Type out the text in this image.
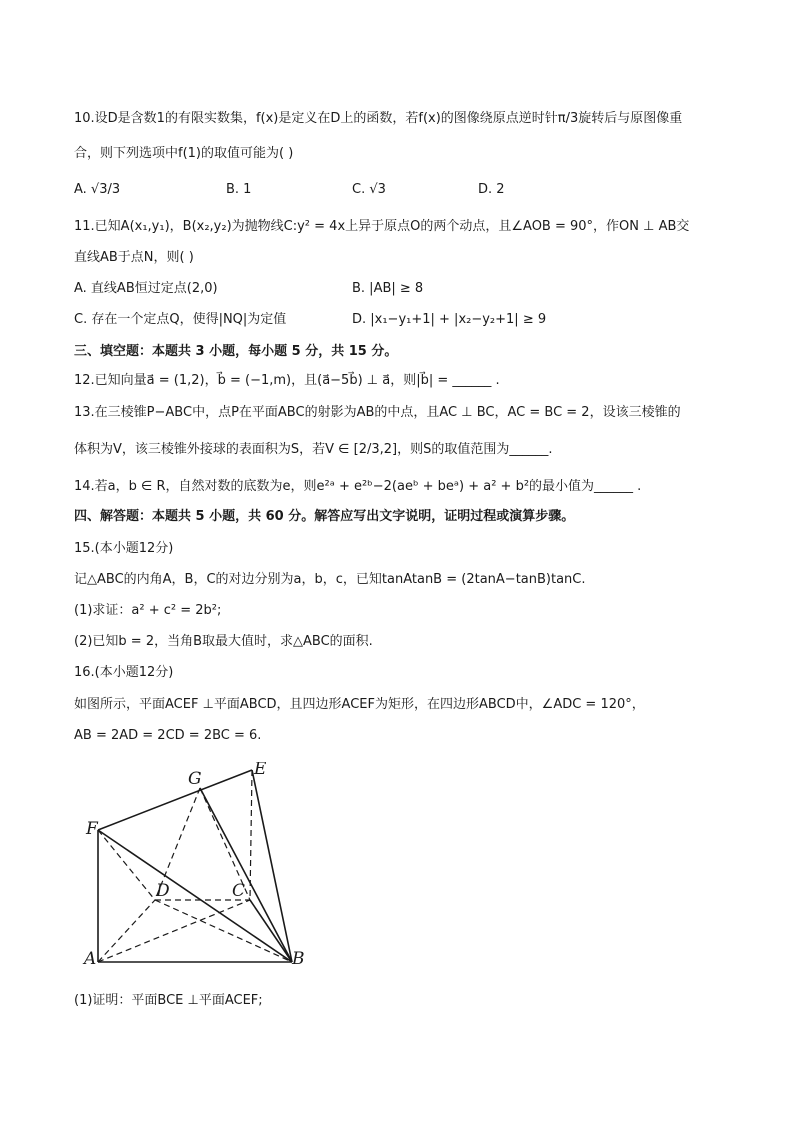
10.设D是含数1的有限实数集，f(x)是定义在D上的函数，若f(x)的图像绕原点逆时针π/3旋转后与原图像重
合，则下列选项中f(1)的取值可能为( )
A. √3/3	B. 1	C. √3	D. 2
11.已知A(x₁,y₁)，B(x₂,y₂)为抛物线C:y² = 4x上异于原点O的两个动点，且∠AOB = 90°，作ON ⊥ AB交
直线AB于点N，则( )
A. 直线AB恒过定点(2,0)	B. |AB| ≥ 8
C. 存在一个定点Q，使得|NQ|为定值	D. |x₁−y₁+1| + |x₂−y₂+1| ≥ 9
三、填空题：本题共 3 小题，每小题 5 分，共 15 分。
12.已知向量a⃗ = (1,2)，b⃗ = (−1,m)，且(a⃗−5b⃗) ⊥ a⃗，则|b⃗| = ______ .
13.在三棱锥P−ABC中，点P在平面ABC的射影为AB的中点，且AC ⊥ BC，AC = BC = 2，设该三棱锥的
体积为V，该三棱锥外接球的表面积为S，若V ∈ [2/3,2]，则S的取值范围为______.
14.若a，b ∈ R，自然对数的底数为e，则e²ᵃ + e²ᵇ−2(aeᵇ + beᵃ) + a² + b²的最小值为______ .
四、解答题：本题共 5 小题，共 60 分。解答应写出文字说明，证明过程或演算步骤。
15.(本小题12分)
记△ABC的内角A，B，C的对边分别为a，b，c，已知tanAtanB = (2tanA−tanB)tanC.
(1)求证：a² + c² = 2b²;
(2)已知b = 2，当角B取最大值时，求△ABC的面积.
16.(本小题12分)
如图所示，平面ACEF ⊥平面ABCD，且四边形ACEF为矩形，在四边形ABCD中，∠ADC = 120°，
AB = 2AD = 2CD = 2BC = 6.
G	E
F
D	C
A	B
(1)证明：平面BCE ⊥平面ACEF;
